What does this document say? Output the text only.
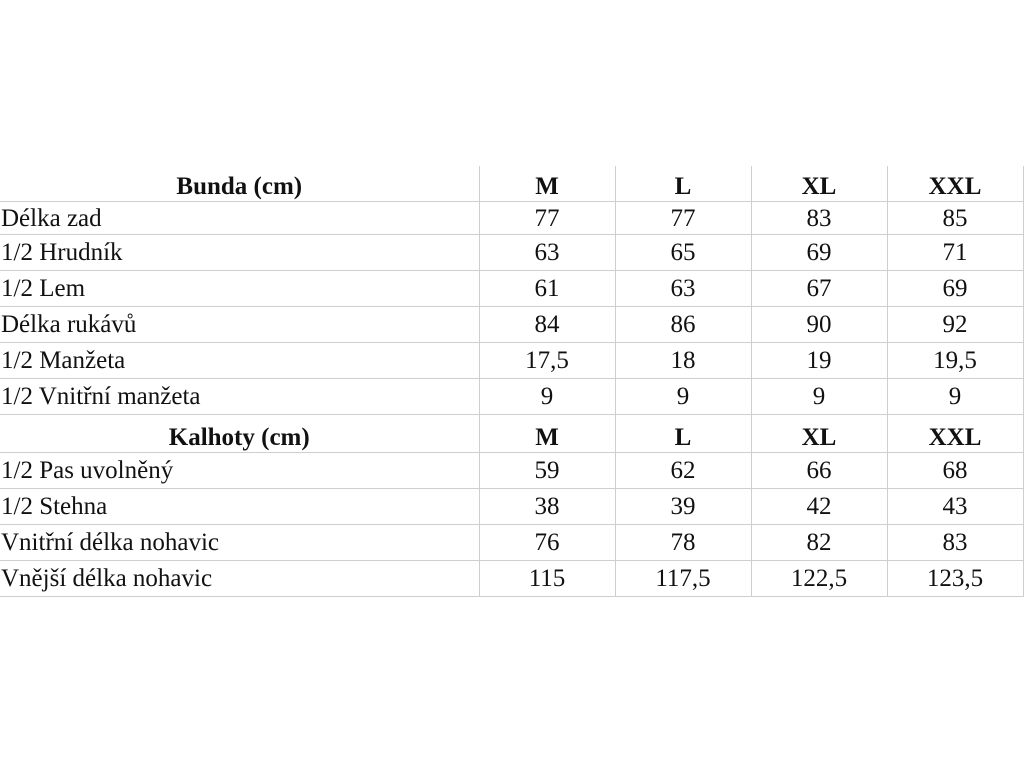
Bunda (cm)	M	L	XL	XXL	
Délka zad	77	77	83	85	
1/2 Hrudník	63	65	69	71	
1/2 Lem	61	63	67	69	
Délka rukávů	84	86	90	92	
1/2 Manžeta	17,5	18	19	19,5	
1/2 Vnitřní manžeta	9	9	9	9	
Kalhoty (cm)	M	L	XL	XXL	
1/2 Pas uvolněný	59	62	66	68	
1/2 Stehna	38	39	42	43	
Vnitřní délka nohavic	76	78	82	83	
Vnější délka nohavic	115	117,5	122,5	123,5	
